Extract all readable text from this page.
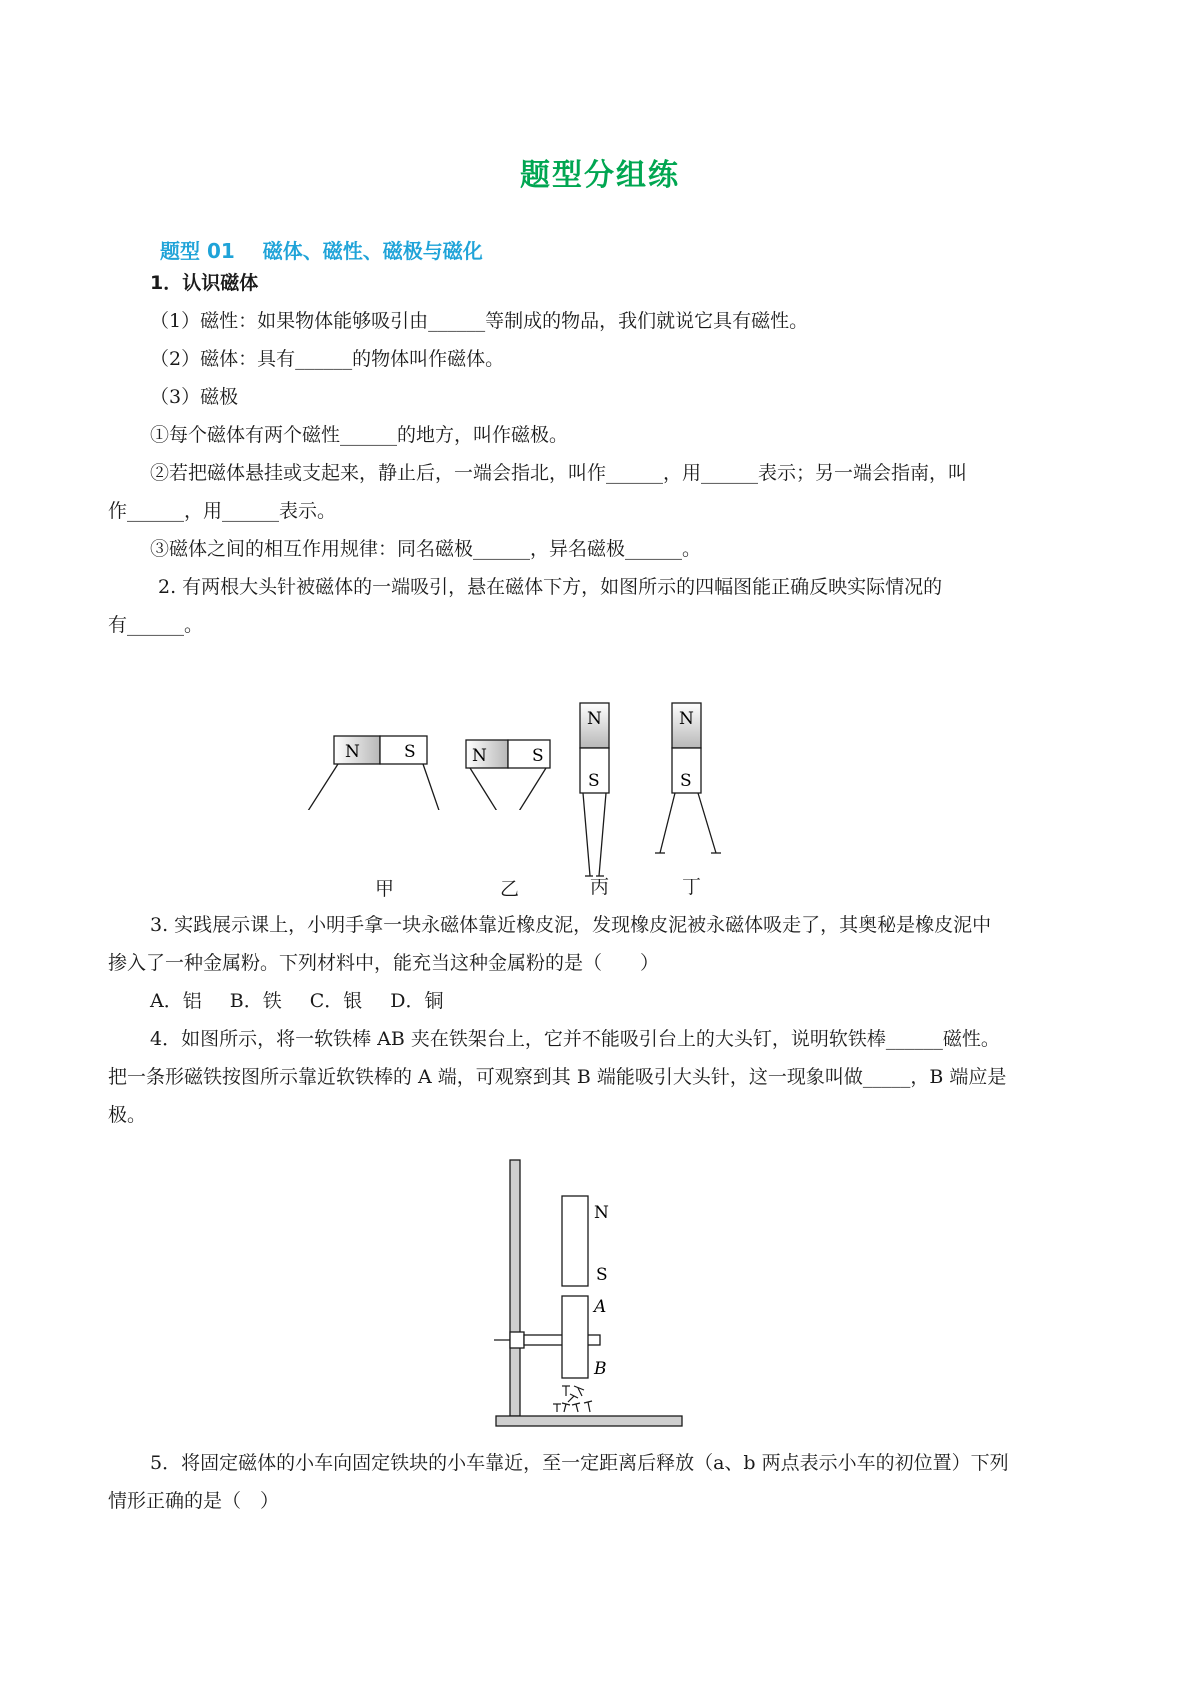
题型分组练
题型 01 磁体、磁性、磁极与磁化
1．认识磁体
（1）磁性：如果物体能够吸引由______等制成的物品，我们就说它具有磁性。
（2）磁体：具有______的物体叫作磁体。
（3）磁极
①每个磁体有两个磁性______的地方，叫作磁极。
②若把磁体悬挂或支起来，静止后，一端会指北，叫作______，用______表示；另一端会指南，叫
作______，用______表示。
③磁体之间的相互作用规律：同名磁极______，异名磁极______。
2. 有两根大头针被磁体的一端吸引，悬在磁体下方，如图所示的四幅图能正确反映实际情况的
有______。
N	S	N	S
N
S
N
S
甲	乙	丙	丁
3. 实践展示课上，小明手拿一块永磁体靠近橡皮泥，发现橡皮泥被永磁体吸走了，其奥秘是橡皮泥中
掺入了一种金属粉。下列材料中，能充当这种金属粉的是（　　）
A．铝 B．铁 C．银 D．铜
4．如图所示，将一软铁棒 AB 夹在铁架台上，它并不能吸引台上的大头钉，说明软铁棒______磁性。
把一条形磁铁按图所示靠近软铁棒的 A 端，可观察到其 B 端能吸引大头针，这一现象叫做_____，B 端应是
极。
N
S
A
B
5．将固定磁体的小车向固定铁块的小车靠近，至一定距离后释放（a、b 两点表示小车的初位置）下列
情形正确的是（　）
